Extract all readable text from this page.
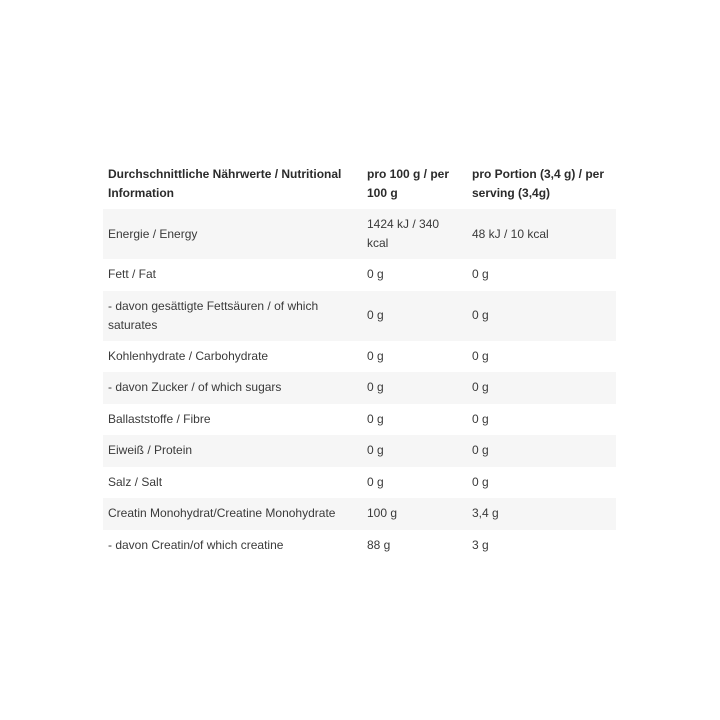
Durchschnittliche Nährwerte / Nutritional Information	pro 100 g / per 100 g	pro Portion (3,4 g) / per serving (3,4g)
Energie / Energy	1424 kJ / 340 kcal	48 kJ / 10 kcal
Fett / Fat	0 g	0 g
- davon gesättigte Fettsäuren / of which saturates	0 g	0 g
Kohlenhydrate / Carbohydrate	0 g	0 g
- davon Zucker / of which sugars	0 g	0 g
Ballaststoffe / Fibre	0 g	0 g
Eiweiß / Protein	0 g	0 g
Salz / Salt	0 g	0 g
Creatin Monohydrat/Creatine Monohydrate	100 g	3,4 g
- davon Creatin/of which creatine	88 g	3 g
